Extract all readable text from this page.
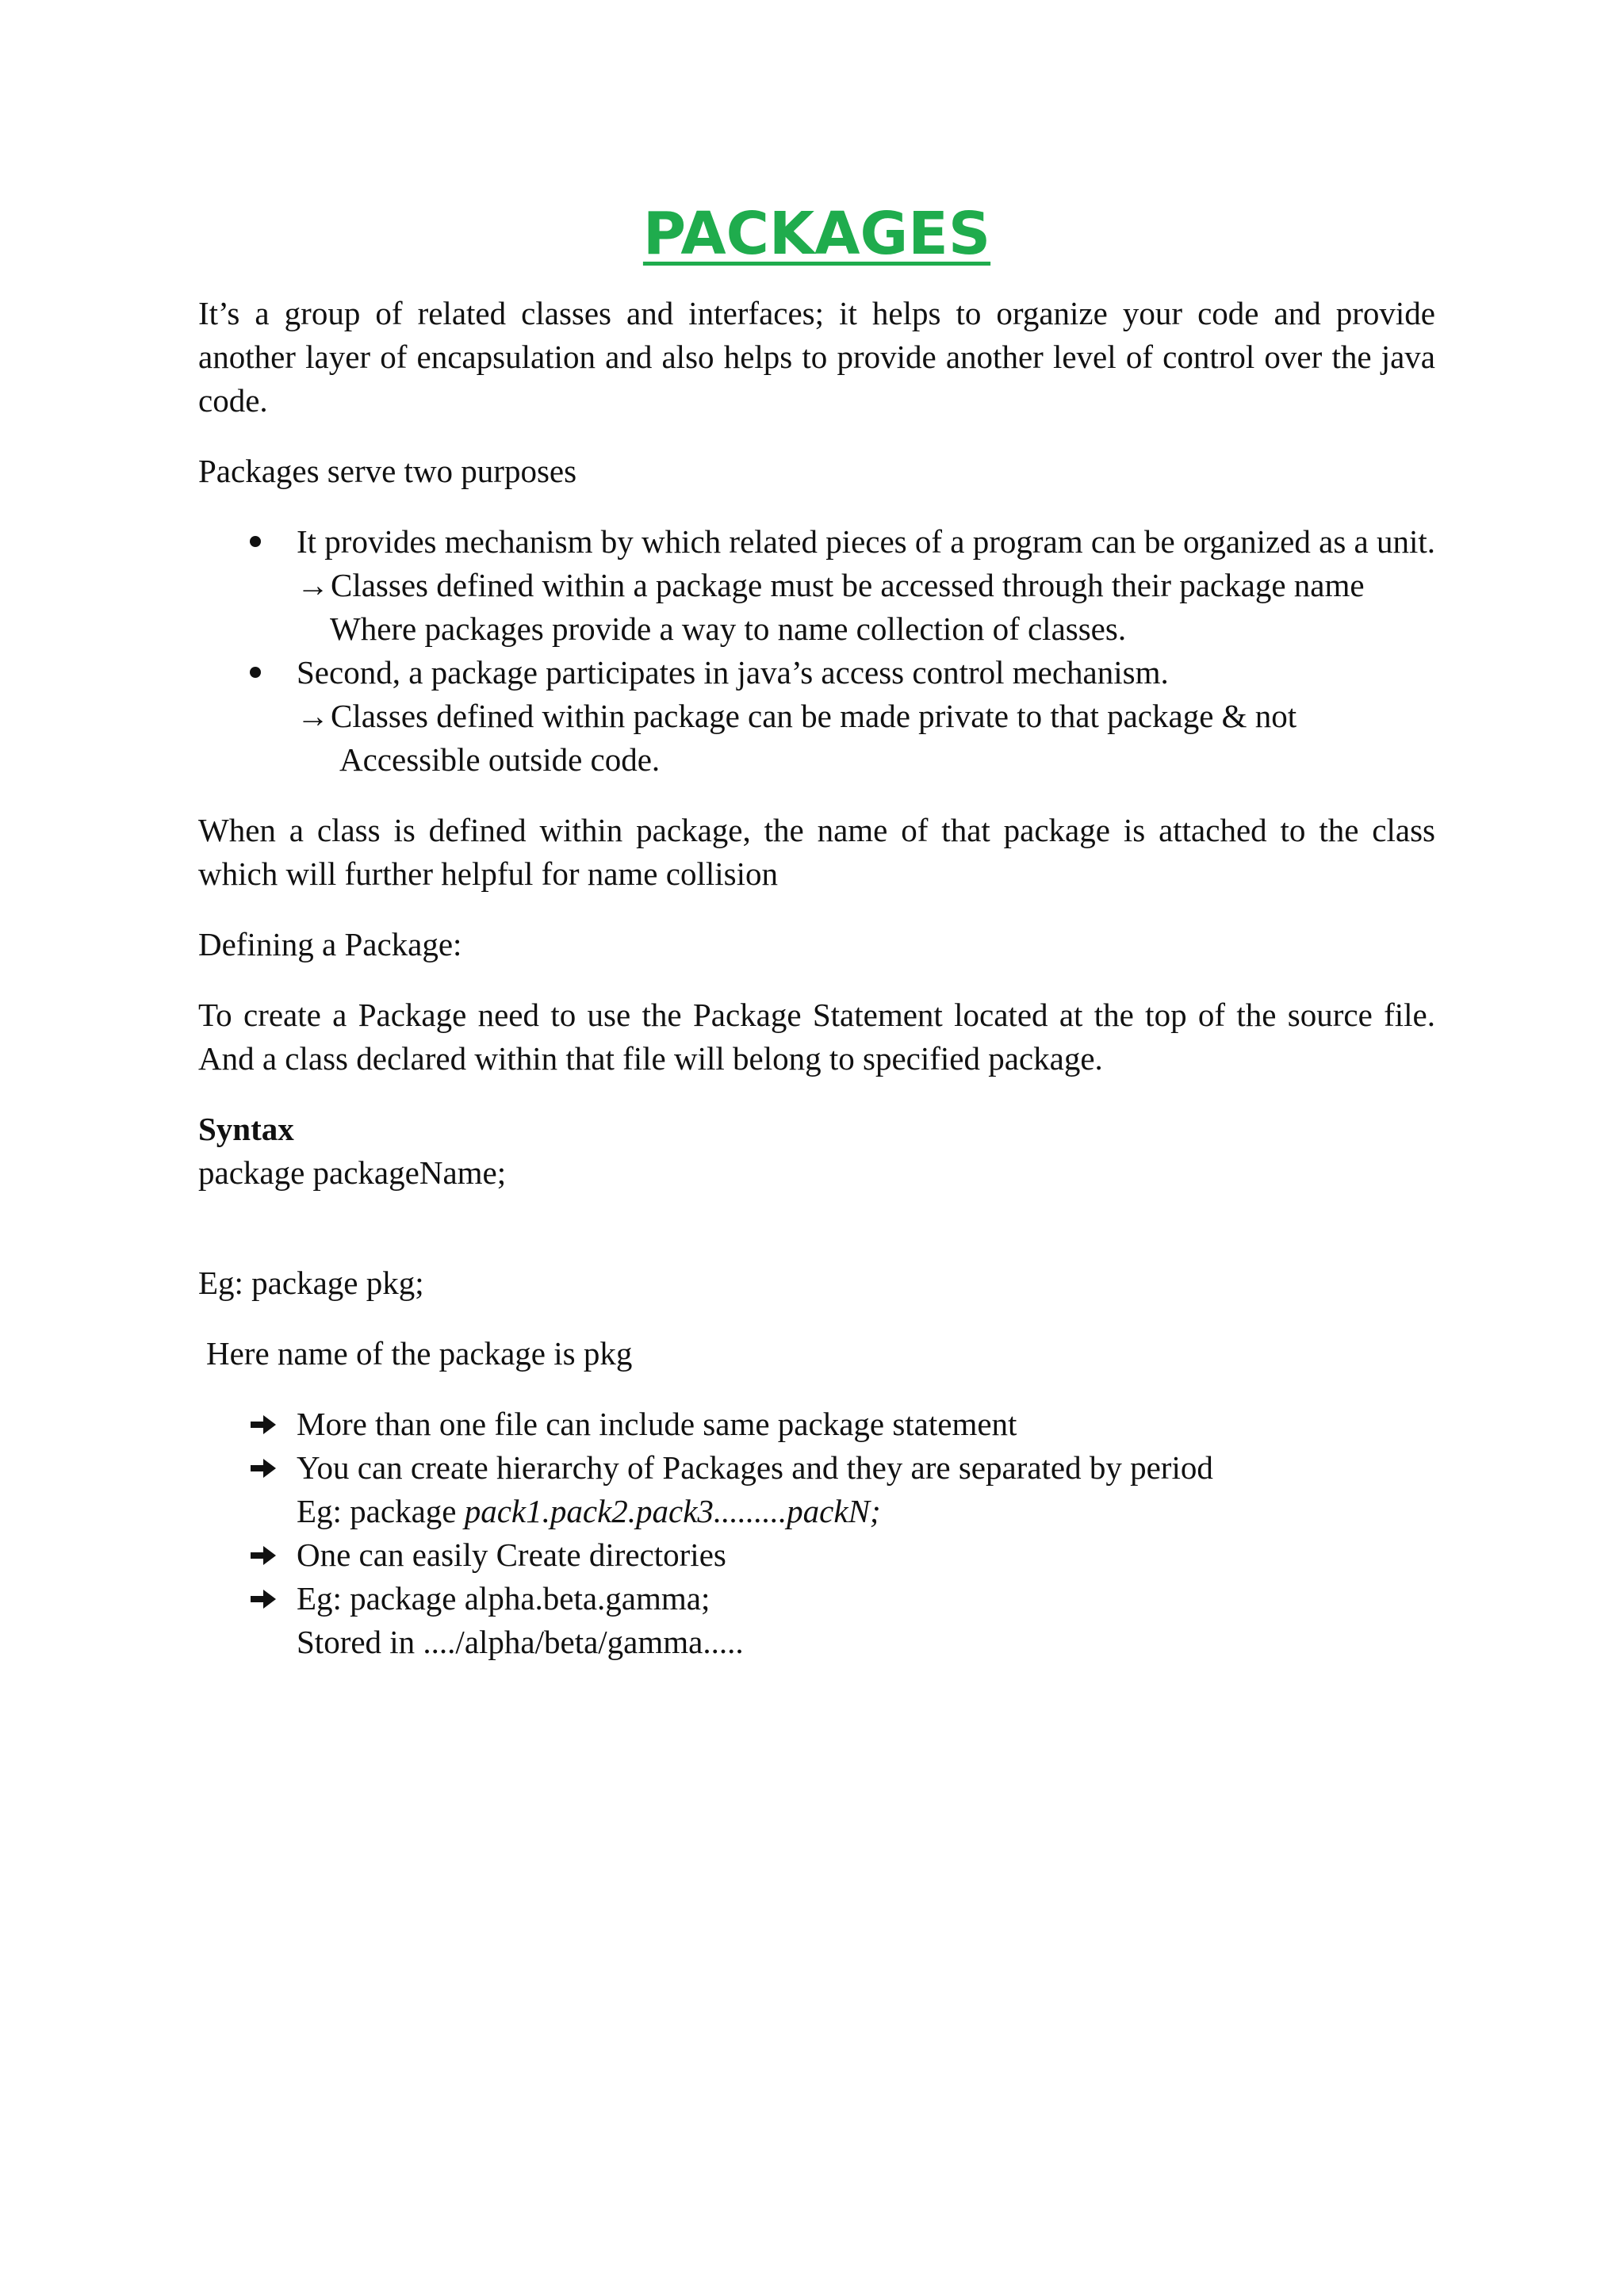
PACKAGES

It’s a group of related classes and interfaces; it helps to organize your code and provide another layer of encapsulation and also helps to provide another level of control over the java code.

Packages serve two purposes

It provides mechanism by which related pieces of a program can be organized as a unit.
→Classes defined within a package must be accessed through their package name
Where packages provide a way to name collection of classes.
Second, a package participates in java’s access control mechanism.
→Classes defined within package can be made private to that package & not
Accessible outside code.

When a class is defined within package, the name of that package is attached to the class which will further helpful for name collision

Defining a Package:

To create a Package need to use the Package Statement located at the top of the source file. And a class declared within that file will belong to specified package.

Syntax
package packageName;

Eg: package pkg;

Here name of the package is pkg

More than one file can include same package statement
You can create hierarchy of Packages and they are separated by period
Eg: package pack1.pack2.pack3.........packN;
One can easily Create directories
Eg: package alpha.beta.gamma;
Stored in ..../alpha/beta/gamma.....
